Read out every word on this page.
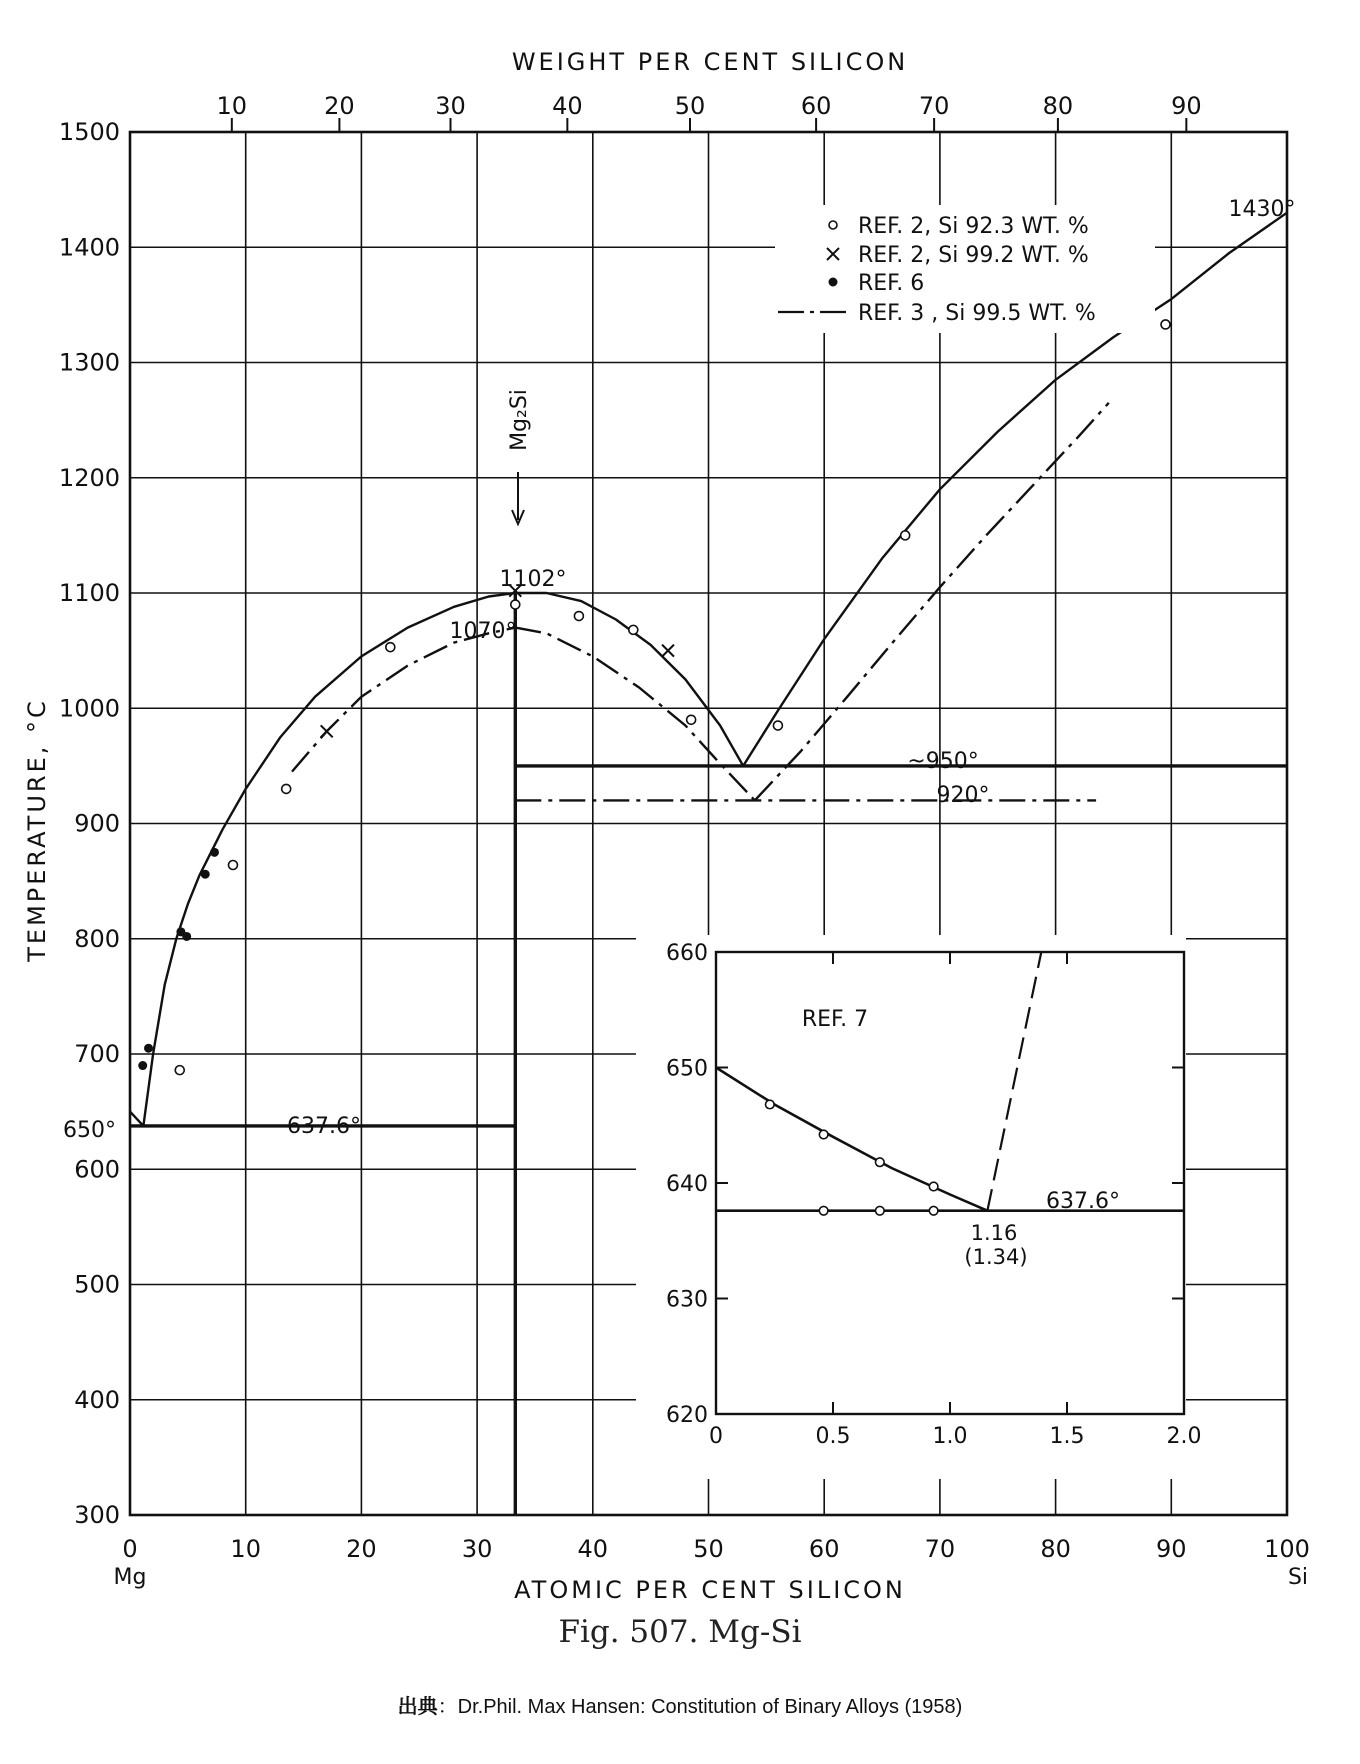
WEIGHT PER CENT SILICON
ATOMIC PER CENT SILICON
TEMPERATURE, °C
0	10	20	30	40	50	60	70	80	90	100
300
400
500
600
700
800
900
1000
1100
1200
1300
1400
1500
10	20	30	40	50	60	70	80	90
Mg	Si
Mg₂Si
1102°
1070°
~950°
920°
650°	637.6°
1430°
REF. 2, Si 92.3 WT. %
REF. 2, Si 99.2 WT. %
REF. 6
REF. 3 , Si 99.5 WT. %
0	0.5	1.0	1.5	2.0
620
630
640
650
660
REF. 7
637.6°
1.16
(1.34)
Fig. 507. Mg-Si
出典：Dr.Phil. Max Hansen: Constitution of Binary Alloys (1958)
